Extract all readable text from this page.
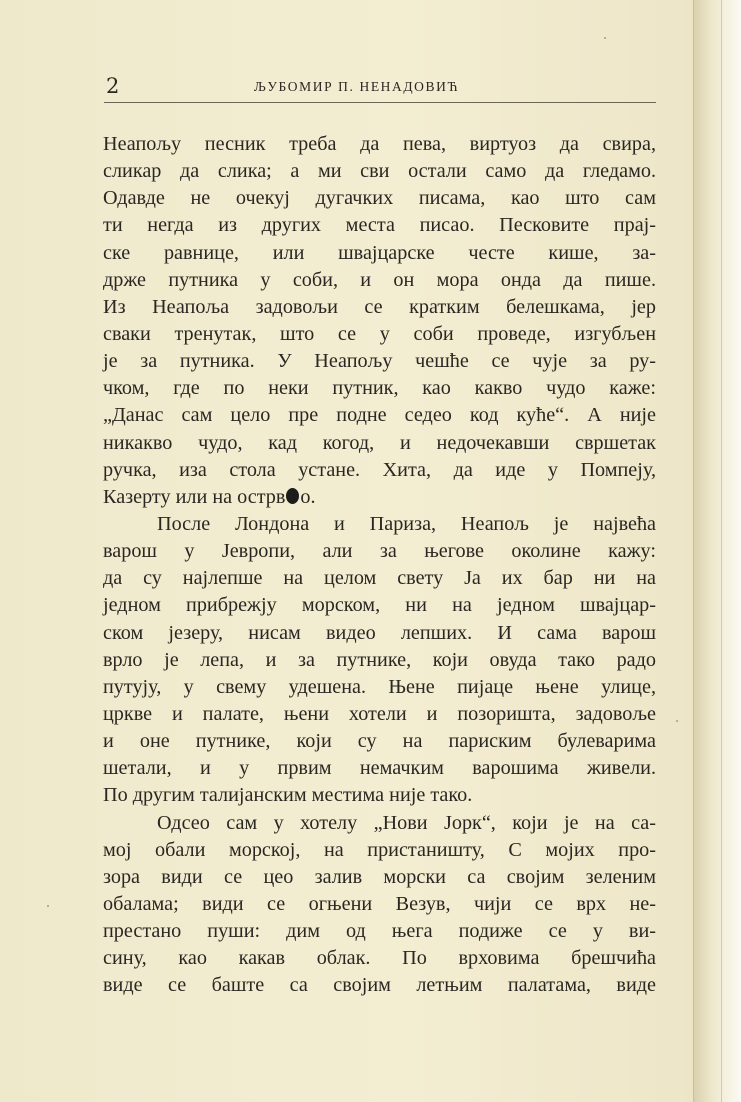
2	ЉУБОМИР П. НЕНАДОВИЋ
Неапољу песник треба да пева, виртуоз да свира,
сликар да слика; а ми сви остали само да гледамо.
Одавде не очекуј дугачких писама, као што сам
ти негда из других места писао. Песковите прај-
ске равнице, или швајцарске честе кише, за-
држе путника у соби, и он мора онда да пише.
Из Неапоља задовољи се кратким белешкама, јер
сваки тренутак, што се у соби проведе, изгубљен
је за путника. У Неапољу чешће се чује за ру-
чком, где по неки путник, као какво чудо каже:
„Данас сам цело пре подне седео код куће“. А није
никакво чудо, кад когод, и недочекавши свршетак
ручка, иза стола устане. Хита, да иде у Помпеју,
Казерту или на острв о.
После Лондона и Париза, Неапољ је највећа
варош у Јевропи, али за његове околине кажу:
да су најлепше на целом свету Ја их бар ни на
једном прибрежју морском, ни на једном швајцар-
ском језеру, нисам видео лепших. И сама варош
врло је лепа, и за путнике, који овуда тако радо
путују, у свему удешена. Њене пијаце њене улице,
цркве и палате, њени хотели и позоришта, задовоље
и оне путнике, који су на париским булеварима
шетали, и у првим немачким варошима живели.
По другим талијанским местима није тако.
Одсео сам у хотелу „Нови Јорк“, који је на са-
мој обали морској, на пристаништу, С мојих про-
зора види се цео залив морски са својим зеленим
обалама; види се огњени Везув, чији се врх не-
престано пуши: дим од њега подиже се у ви-
сину, као какав облак. По врховима брешчића
виде се баште са својим летњим палатама, виде
